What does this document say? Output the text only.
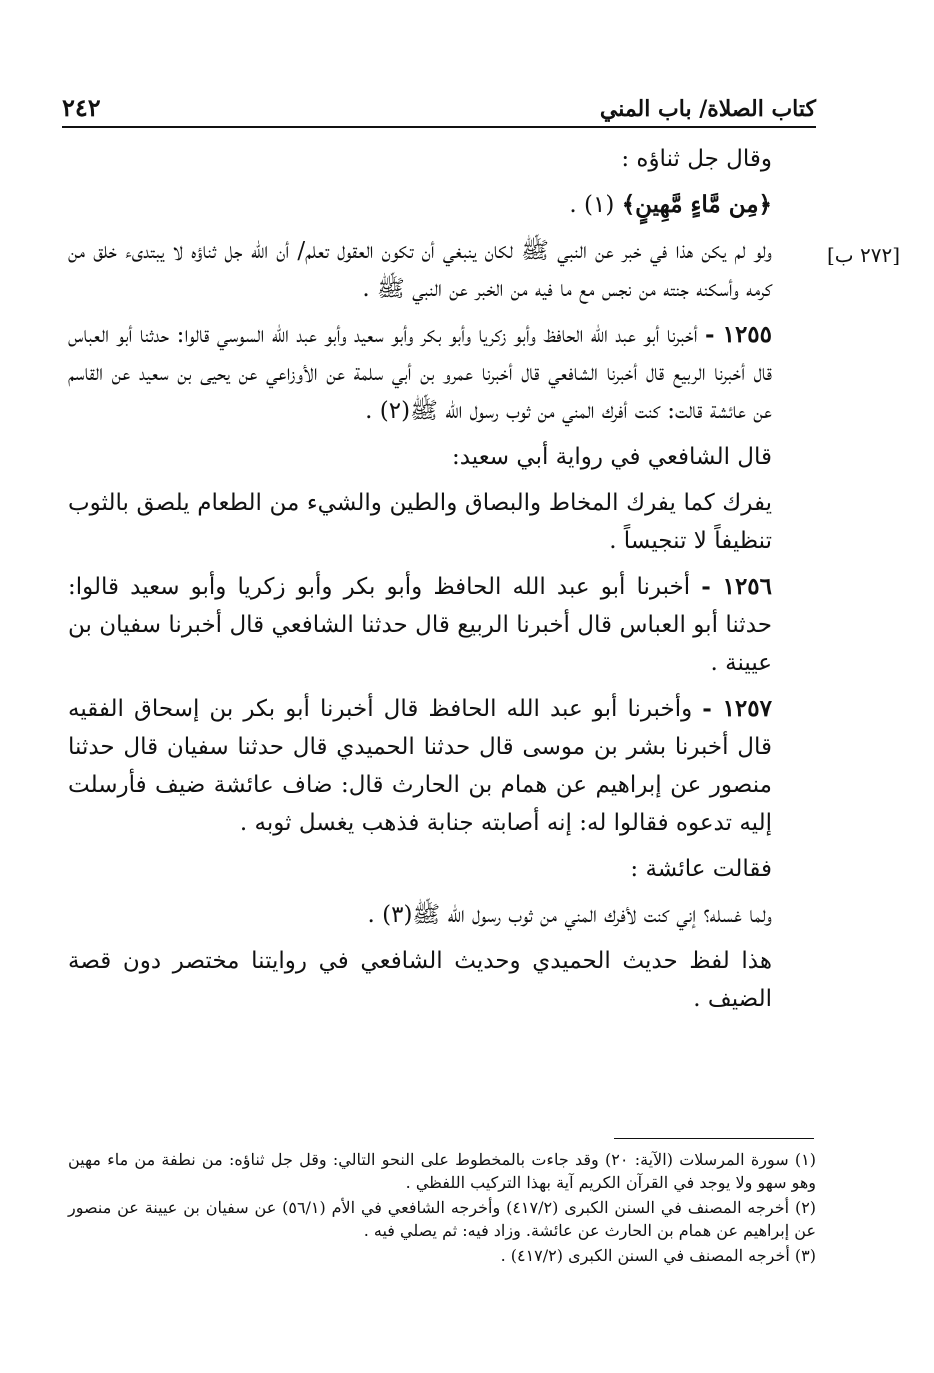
كتاب الصلاة/ باب المني
٢٤٢
[٢٧٢ ب]

وقال جل ثناؤه :

﴿مِن مَّاءٍ مَّهِينٍ﴾ (١) .

ولو لم يكن هذا في خبر عن النبي ﷺ لكان ينبغي أن تكون العقول تعلم/ أن الله جل ثناؤه لا يبتدىء خلق من كرمه وأسكنه جنته من نجس مع ما فيه من الخبر عن النبي ﷺ .

١٢٥٥ - أخبرنا أبو عبد الله الحافظ وأبو زكريا وأبو بكر وأبو سعيد وأبو عبد الله السوسي قالوا: حدثنا أبو العباس قال أخبرنا الربيع قال أخبرنا الشافعي قال أخبرنا عمرو بن أبي سلمة عن الأوزاعي عن يحيى بن سعيد عن القاسم عن عائشة قالت: كنت أفرك المني من ثوب رسول الله ﷺ(٢) .

قال الشافعي في رواية أبي سعيد:

يفرك كما يفرك المخاط والبصاق والطين والشيء من الطعام يلصق بالثوب تنظيفاً لا تنجيساً .

١٢٥٦ - أخبرنا أبو عبد الله الحافظ وأبو بكر وأبو زكريا وأبو سعيد قالوا: حدثنا أبو العباس قال أخبرنا الربيع قال حدثنا الشافعي قال أخبرنا سفيان بن عيينة .

١٢٥٧ - وأخبرنا أبو عبد الله الحافظ قال أخبرنا أبو بكر بن إسحاق الفقيه قال أخبرنا بشر بن موسى قال حدثنا الحميدي قال حدثنا سفيان قال حدثنا منصور عن إبراهيم عن همام بن الحارث قال: ضاف عائشة ضيف فأرسلت إليه تدعوه فقالوا له: إنه أصابته جنابة فذهب يغسل ثوبه .

فقالت عائشة :

ولما غسله؟ إني كنت لأفرك المني من ثوب رسول الله ﷺ(٣) .

هذا لفظ حديث الحميدي وحديث الشافعي في روايتنا مختصر دون قصة الضيف .

(١) سورة المرسلات (الآية: ٢٠) وقد جاءت بالمخطوط على النحو التالي: وقل جل ثناؤه: من نطفة من ماء مهين وهو سهو ولا يوجد في القرآن الكريم آية بهذا التركيب اللفظي .
(٢) أخرجه المصنف في السنن الكبرى (٤١٧/٢) وأخرجه الشافعي في الأم (٥٦/١) عن سفيان بن عيينة عن منصور عن إبراهيم عن همام بن الحارث عن عائشة. وزاد فيه: ثم يصلي فيه .
(٣) أخرجه المصنف في السنن الكبرى (٤١٧/٢) .
